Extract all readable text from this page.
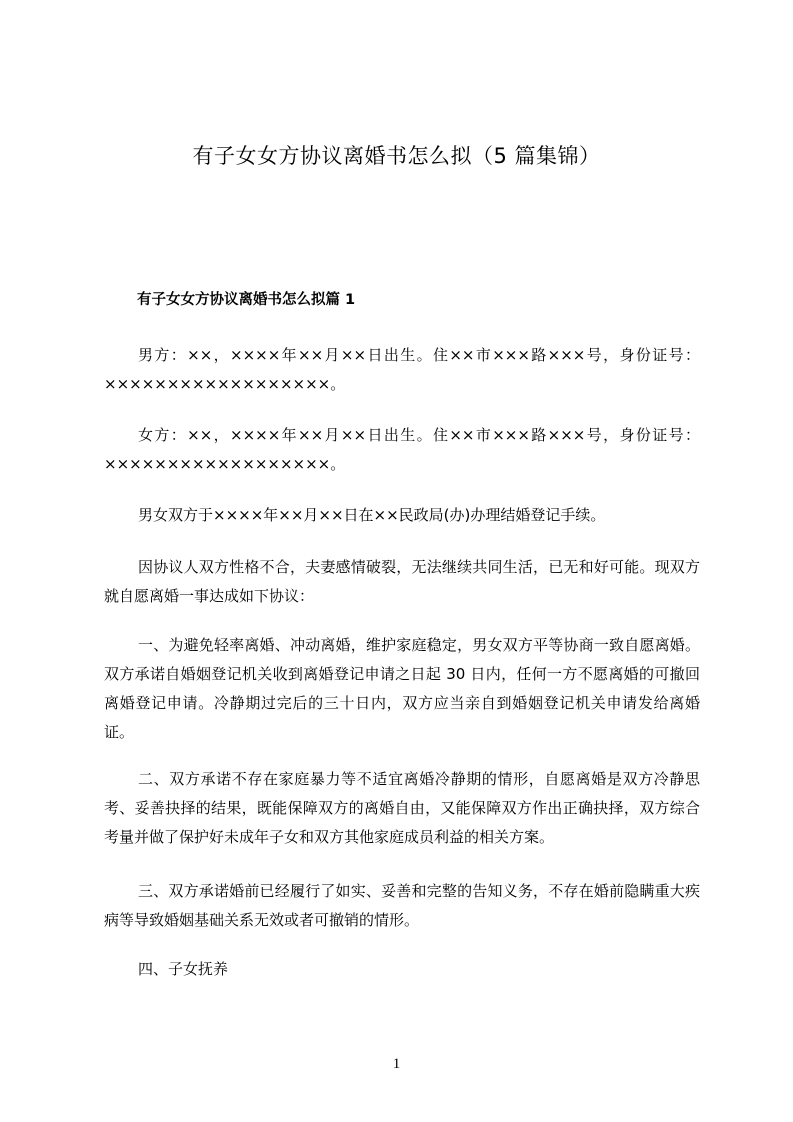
有子女女方协议离婚书怎么拟（5 篇集锦）
有子女女方协议离婚书怎么拟篇 1
男方：××，××××年××月××日出生。住××市×××路×××号，身份证号：××××××××××××××××××。
女方：××，××××年××月××日出生。住××市×××路×××号，身份证号：××××××××××××××××××。
男女双方于××××年××月××日在××民政局(办)办理结婚登记手续。
因协议人双方性格不合，夫妻感情破裂，无法继续共同生活，已无和好可能。现双方就自愿离婚一事达成如下协议：
一、为避免轻率离婚、冲动离婚，维护家庭稳定，男女双方平等协商一致自愿离婚。双方承诺自婚姻登记机关收到离婚登记申请之日起 30 日内，任何一方不愿离婚的可撤回离婚登记申请。冷静期过完后的三十日内，双方应当亲自到婚姻登记机关申请发给离婚证。
二、双方承诺不存在家庭暴力等不适宜离婚冷静期的情形，自愿离婚是双方冷静思考、妥善抉择的结果，既能保障双方的离婚自由，又能保障双方作出正确抉择，双方综合考量并做了保护好未成年子女和双方其他家庭成员利益的相关方案。
三、双方承诺婚前已经履行了如实、妥善和完整的告知义务，不存在婚前隐瞒重大疾病等导致婚姻基础关系无效或者可撤销的情形。
四、子女抚养
1
